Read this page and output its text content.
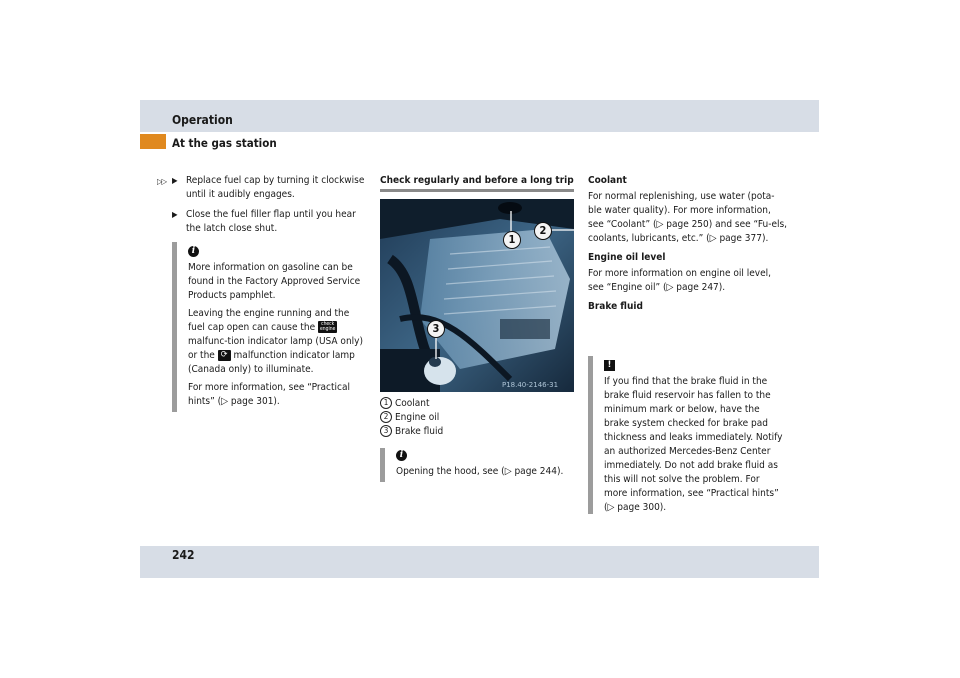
Operation
At the gas station
▷▷ ▶ Replace fuel cap by turning it clockwise until it audibly engages.
▶ Close the fuel filler flap until you hear the latch close shut.
i
More information on gasoline can be found in the Factory Approved Service Products pamphlet.
Leaving the engine running and the fuel cap open can cause the check
engine malfunc-tion indicator lamp (USA only) or the ⟳ malfunction indicator lamp (Canada only) to illuminate.
For more information, see “Practical hints” (▷ page 301).
Check regularly and before a long trip
P18.40-2146-31
1
2
3
1 Coolant
2 Engine oil
3 Brake fluid
i
Opening the hood, see (▷ page 244).
Coolant
For normal replenishing, use water (pota-ble water quality). For more information, see “Coolant” (▷ page 250) and see “Fu-els, coolants, lubricants, etc.” (▷ page 377).
Engine oil level
For more information on engine oil level, see “Engine oil” (▷ page 247).
Brake fluid
!
If you find that the brake fluid in the brake fluid reservoir has fallen to the minimum mark or below, have the brake system checked for brake pad thickness and leaks immediately. Notify an authorized Mercedes-Benz Center immediately. Do not add brake fluid as this will not solve the problem. For more information, see “Practical hints” (▷ page 300).
242
